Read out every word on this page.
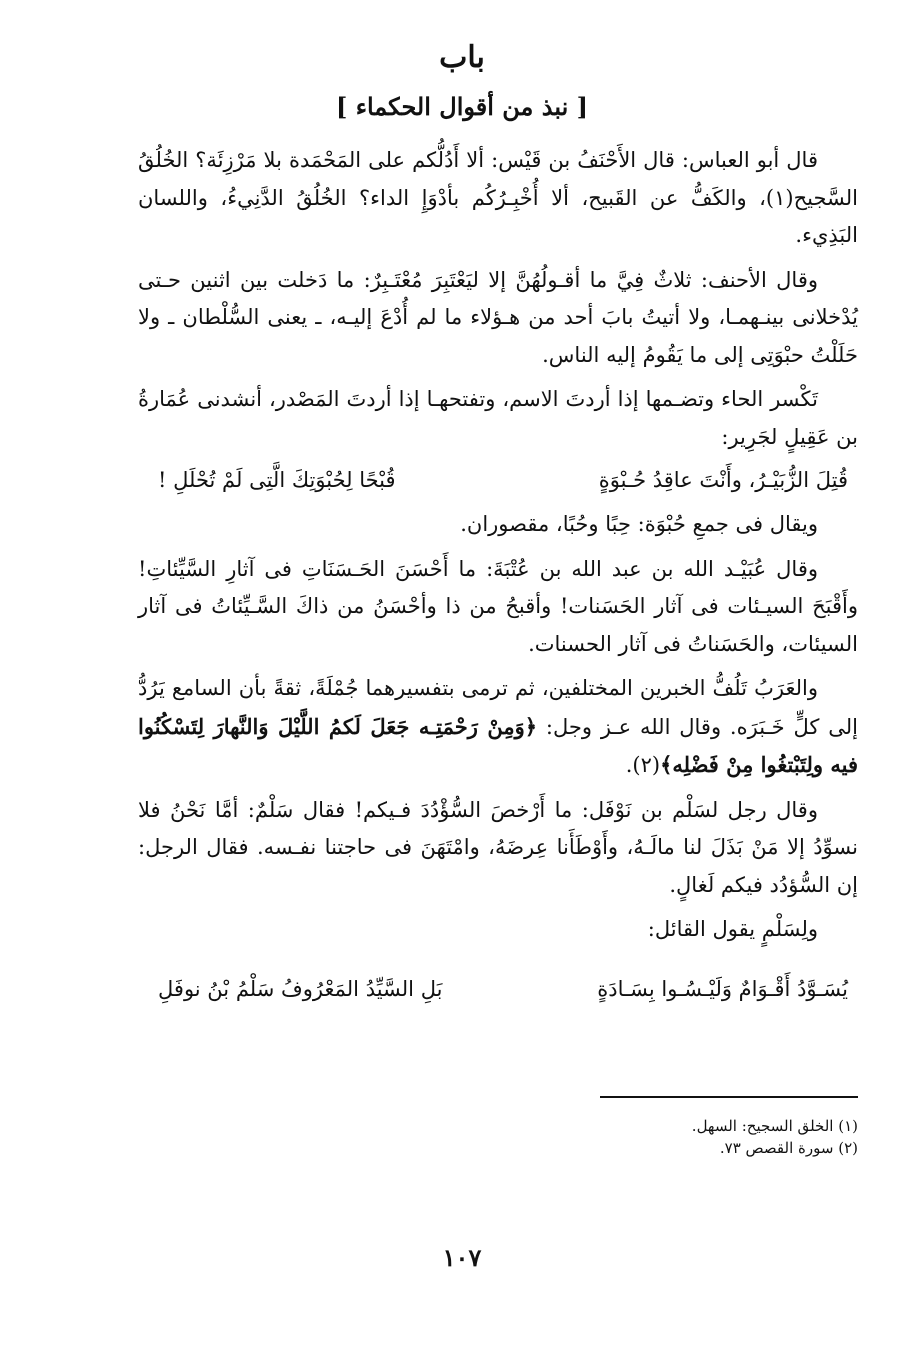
باب
[ نبذ من أقوال الحكماء ]

قال أبو العباس: قال الأَحْنَفُ بن قَيْس: ألا أَدُلُّكم على المَحْمَدة بلا مَرْزِئَة؟ الخُلُقُ السَّجيح(١)، والكَفُّ عن القَبيح، ألا أُخْبِـرُكُم بأدْوَإِ الداء؟ الخُلُقُ الدَّنِيءُ، واللسان البَذِيء.

وقال الأحنف: ثلاثٌ فِيَّ ما أقـولُهُنَّ إلا ليَعْتَبِرَ مُعْتَـبِرٌ: ما دَخلت بين اثنين حـتى يُدْخلانى بينـهمـا، ولا أتيتُ بابَ أحد من هـؤلاء ما لم أُدْعَ إليـه، ـ يعنى السُّلْطان ـ ولا حَلَلْتُ حبْوَتِى إلى ما يَقُومُ إليه الناس.

تَكْسر الحاء وتضـمها إذا أردتَ الاسم، وتفتحهـا إذا أردتَ المَصْدر، أنشدنى عُمَارةُ بن عَقِيلٍ لجَرِير:

قُتِلَ الزُّبَيْـرُ، وأَنْتَ عاقِدُ حُـبْوَةٍ
قُبْحًا لِحُبْوَتِكَ الَّتِى لَمْ تُحْلَلِ !

ويقال فى جمعِ حُبْوَة: حِبًا وحُبًا، مقصوران.

وقال عُبَيْـد الله بن عبد الله بن عُتْبَةَ: ما أَحْسَنَ الحَـسَنَاتِ فى آثارِ السَّيِّئاتِ! وأَقْبَحَ السيـئات فى آثار الحَسَنات! وأقبحُ من ذا وأحْسَنُ من ذاكَ السَّـيِّئاتُ فى آثار السيئات، والحَسَناتُ فى آثار الحسنات.

والعَرَبُ تَلُفُّ الخبرين المختلفين، ثم ترمى بتفسيرهما جُمْلَةً، ثقةً بأن السامع يَرُدُّ إلى كلٍّ خَـبَرَه. وقال الله عـز وجل: ﴿وَمِنْ رَحْمَتِـه جَعَلَ لَكمُ اللَّيْلَ وَالنَّهارَ لِتَسْكُنُوا فيه ولِتَبْتغُوا مِنْ فَضْلِه﴾(٢).

وقال رجل لسَلْم بن نَوْفَل: ما أَرْخصَ السُّؤْدُدَ فـيكم! فقال سَلْمٌ: أمَّا نَحْنُ فلا نسوِّدُ إلا مَنْ بَذَلَ لنا مالَـهُ، وأَوْطَأَنا عِرضَهُ، وامْتَهَنَ فى حاجتنا نفـسه. فقال الرجل: إن السُّؤدُد فيكم لَغالٍ.

ولِسَلْمٍ يقول القائل:

يُسَـوَّدُ أَقْـوَامٌ وَلَيْـسُـوا بِسَـادَةٍ
بَلِ السَّيِّدُ المَعْرُوفُ سَلْمُ بْنُ نوفَلِ
(١) الخلق السجيح: السهل.
(٢) سورة القصص ٧٣.
١٠٧
